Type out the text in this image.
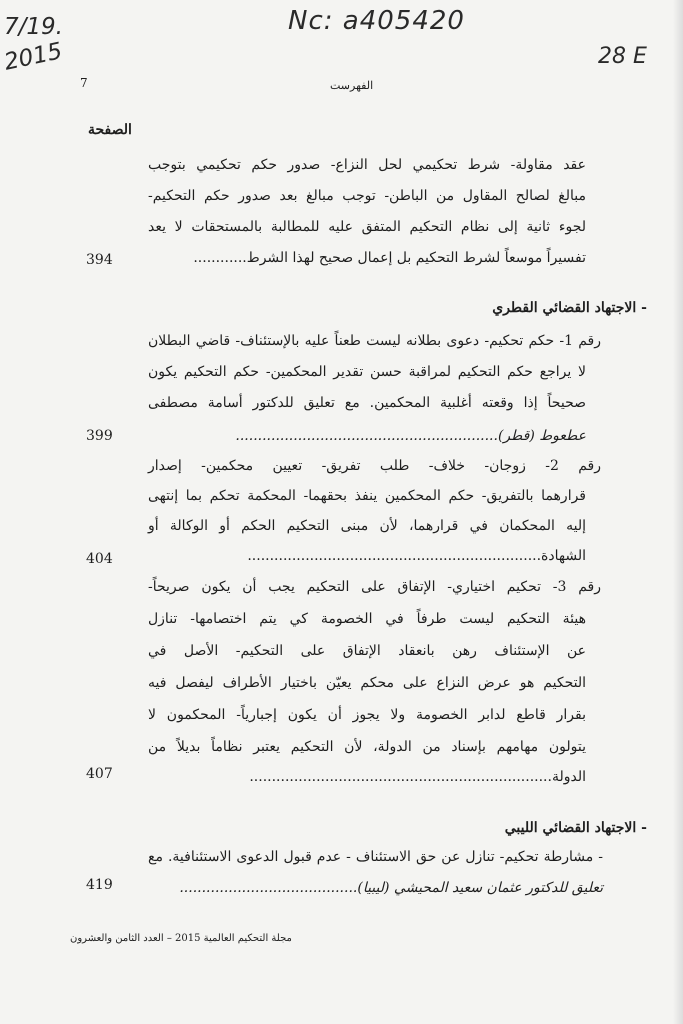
7/19.
2015
Nc: a405420
28 E
7	الفهرست
الصفحة
عقد مقاولة- شرط تحكيمي لحل النزاع- صدور حكم تحكيمي بتوجب
مبالغ لصالح المقاول من الباطن- توجب مبالغ بعد صدور حكم التحكيم-
لجوء ثانية إلى نظام التحكيم المتفق عليه للمطالبة بالمستحقات لا يعد
تفسيراً موسعاً لشرط التحكيم بل إعمال صحيح لهذا الشرط............
394
- الاجتهاد القضائي القطري
رقم 1- حكم تحكيم- دعوى بطلانه ليست طعناً عليه بالإستئناف- قاضي البطلان
لا يراجع حكم التحكيم لمراقبة حسن تقدير المحكمين- حكم التحكيم يكون
صحيحاً إذا وقعته أغلبية المحكمين. مع تعليق للدكتور أسامة مصطفى
عطعوط (قطر)...........................................................
399
رقم 2- زوجان- خلاف- طلب تفريق- تعيين محكمين- إصدار
قرارهما بالتفريق- حكم المحكمين ينفذ بحقهما- المحكمة تحكم بما إنتهى
إليه المحكمان في قرارهما، لأن مبنى التحكيم الحكم أو الوكالة أو
الشهادة..................................................................
404
رقم 3- تحكيم اختياري- الإتفاق على التحكيم يجب أن يكون صريحاً-
هيئة التحكيم ليست طرفاً في الخصومة كي يتم اختصامها- تنازل
عن الإستئناف رهن بانعقاد الإتفاق على التحكيم- الأصل في
التحكيم هو عرض النزاع على محكم يعيّن باختيار الأطراف ليفصل فيه
بقرار قاطع لدابر الخصومة ولا يجوز أن يكون إجبارياً- المحكمون لا
يتولون مهامهم بإسناد من الدولة، لأن التحكيم يعتبر نظاماً بديلاً من
الدولة....................................................................
407
- الاجتهاد القضائي الليبي
- مشارطة تحكيم- تنازل عن حق الاستئناف - عدم قبول الدعوى الاستئنافية. مع
تعليق للدكتور عثمان سعيد المحيشي (ليبيا)........................................
419
مجلة التحكيم العالمية 2015 – العدد الثامن والعشرون
